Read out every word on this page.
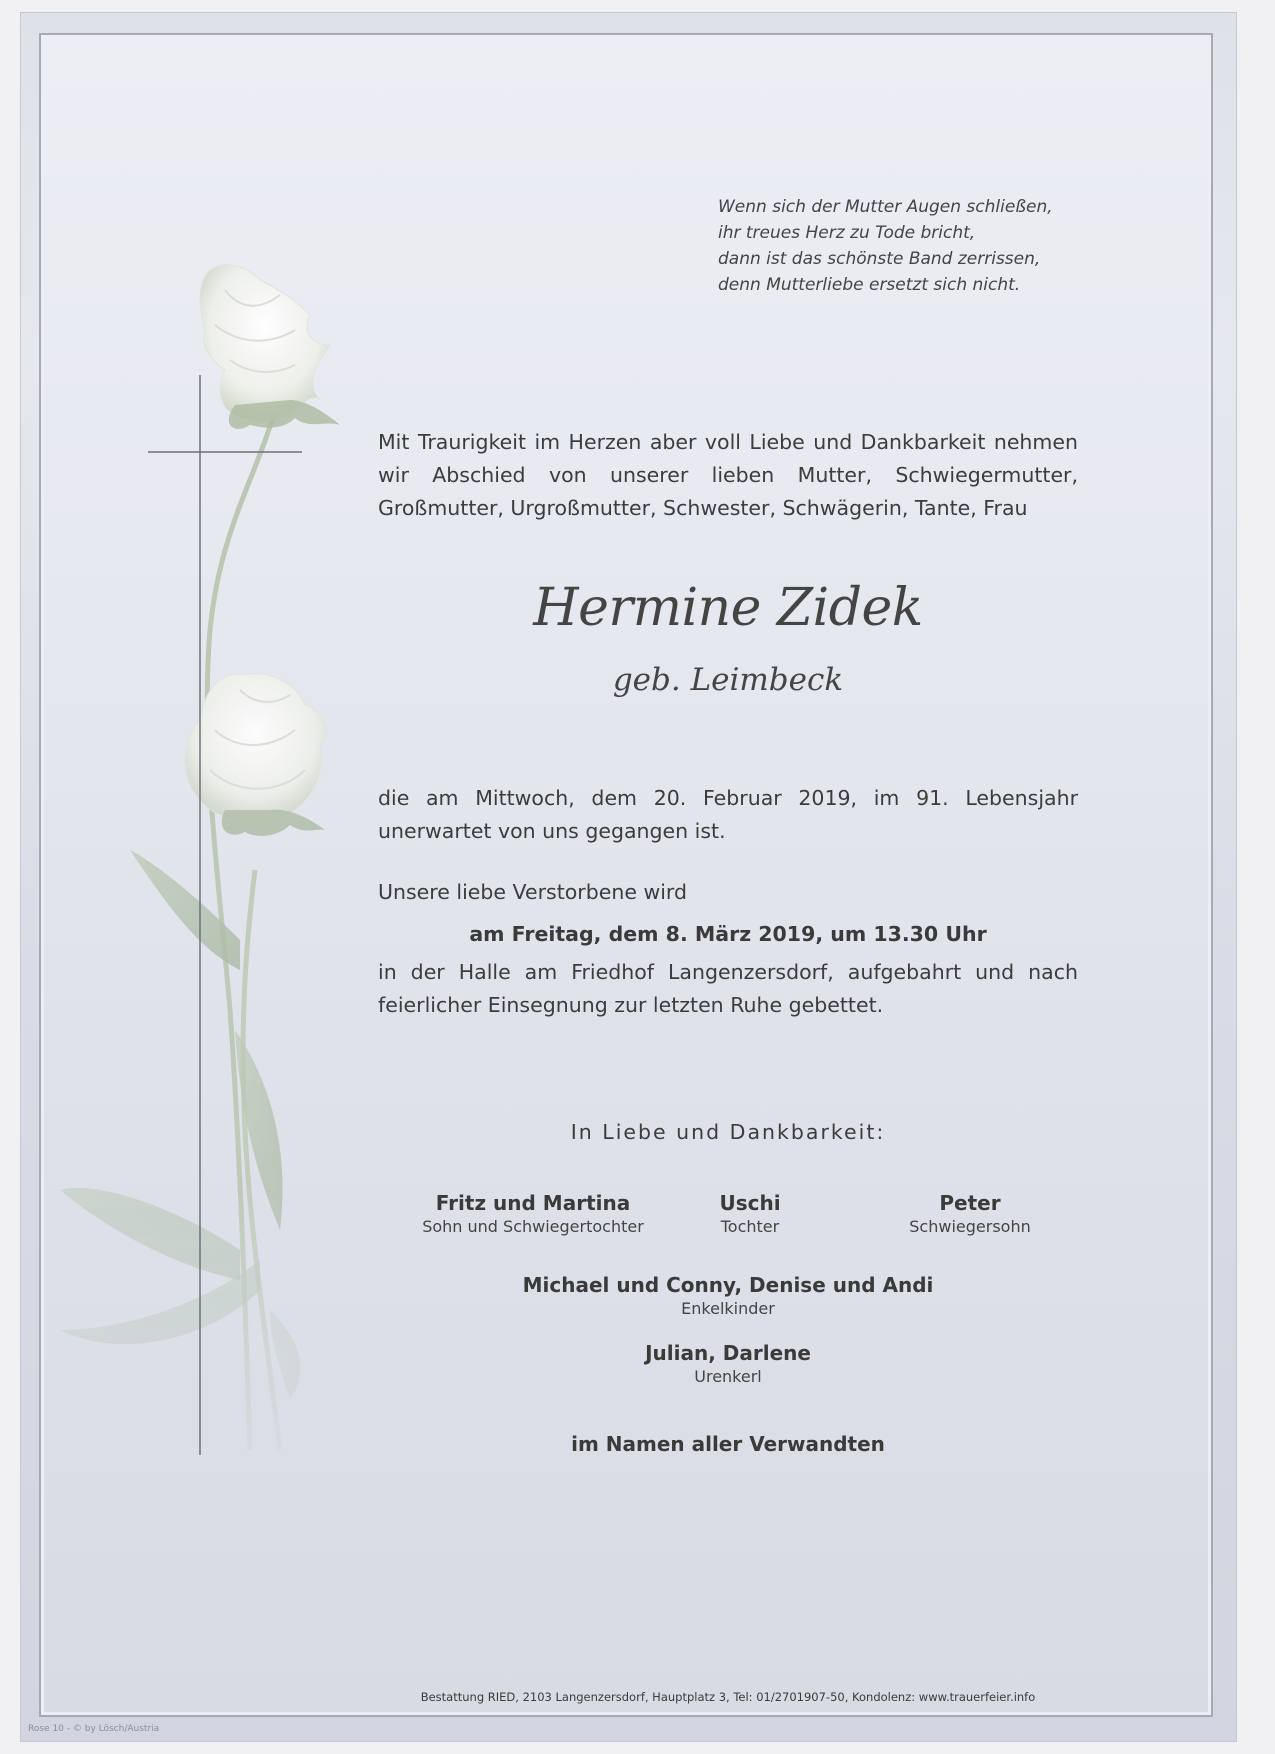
Wenn sich der Mutter Augen schließen,
ihr treues Herz zu Tode bricht,
dann ist das schönste Band zerrissen,
denn Mutterliebe ersetzt sich nicht.
Mit Traurigkeit im Herzen aber voll Liebe und Dankbarkeit nehmen wir Abschied von unserer lieben Mutter, Schwiegermutter, Großmutter, Urgroßmutter, Schwester, Schwägerin, Tante, Frau
Hermine Zidek
geb. Leimbeck
die am Mittwoch, dem 20. Februar 2019, im 91. Lebensjahr unerwartet von uns gegangen ist.
Unsere liebe Verstorbene wird
am Freitag, dem 8. März 2019, um 13.30 Uhr
in der Halle am Friedhof Langenzersdorf, aufgebahrt und nach feierlicher Einsegnung zur letzten Ruhe gebettet.
In Liebe und Dankbarkeit:
Fritz und Martina
Sohn und Schwiegertochter
Uschi
Tochter
Peter
Schwiegersohn
Michael und Conny, Denise und Andi
Enkelkinder
Julian, Darlene
Urenkerl
im Namen aller Verwandten
Bestattung RIED, 2103 Langenzersdorf, Hauptplatz 3, Tel: 01/2701907-50, Kondolenz: www.trauerfeier.info
Rose 10 - © by Lösch/Austria
